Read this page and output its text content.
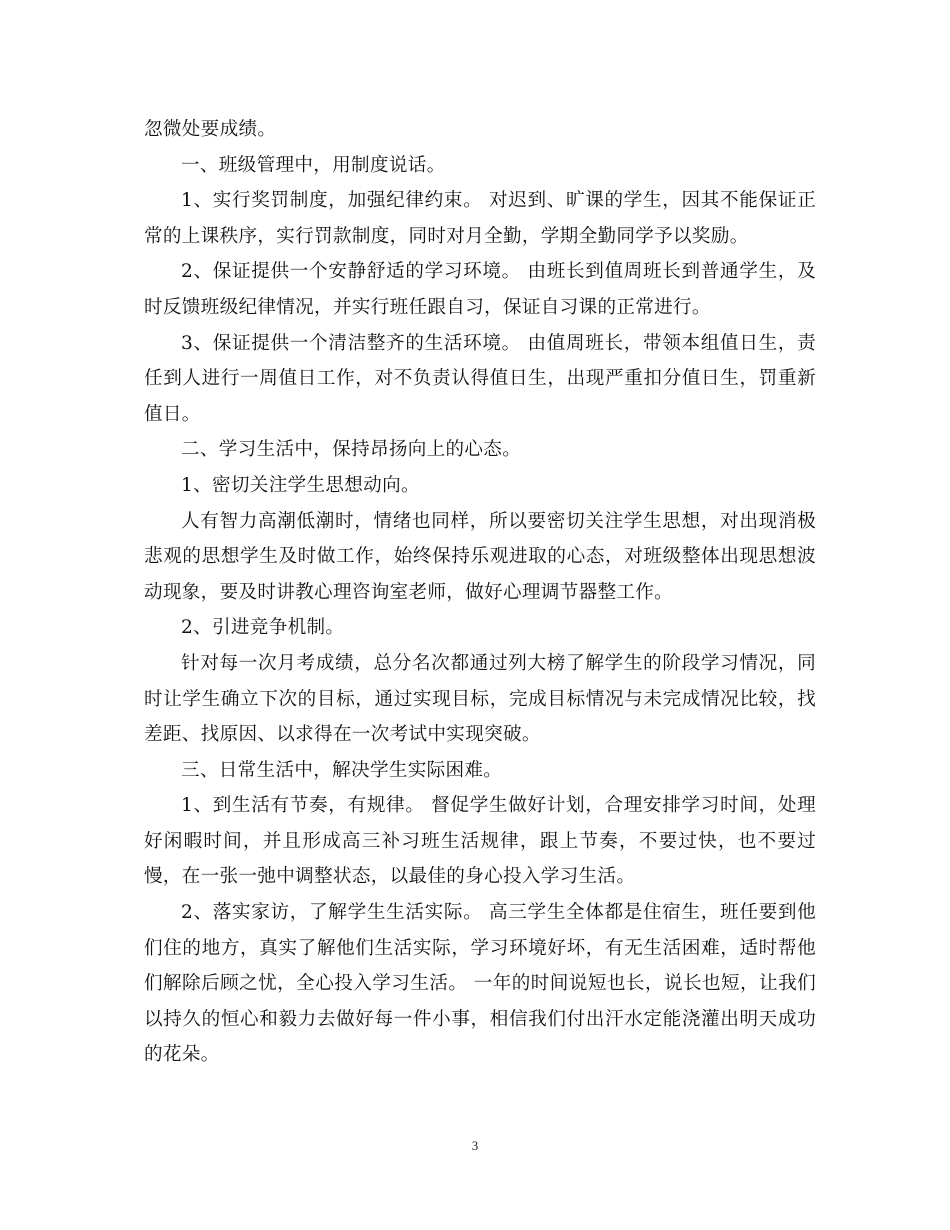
忽微处要成绩。

一、班级管理中，用制度说话。

1、实行奖罚制度，加强纪律约束。 对迟到、旷课的学生，因其不能保证正常的上课秩序，实行罚款制度，同时对月全勤，学期全勤同学予以奖励。

2、保证提供一个安静舒适的学习环境。 由班长到值周班长到普通学生，及时反馈班级纪律情况，并实行班任跟自习，保证自习课的正常进行。

3、保证提供一个清洁整齐的生活环境。 由值周班长，带领本组值日生，责任到人进行一周值日工作，对不负责认得值日生，出现严重扣分值日生，罚重新值日。

二、学习生活中，保持昂扬向上的心态。

1、密切关注学生思想动向。

人有智力高潮低潮时，情绪也同样，所以要密切关注学生思想，对出现消极悲观的思想学生及时做工作，始终保持乐观进取的心态，对班级整体出现思想波动现象，要及时讲教心理咨询室老师，做好心理调节器整工作。

2、引进竞争机制。

针对每一次月考成绩，总分名次都通过列大榜了解学生的阶段学习情况，同时让学生确立下次的目标，通过实现目标，完成目标情况与未完成情况比较，找差距、找原因、以求得在一次考试中实现突破。

三、日常生活中，解决学生实际困难。

1、到生活有节奏，有规律。 督促学生做好计划，合理安排学习时间，处理好闲暇时间，并且形成高三补习班生活规律，跟上节奏，不要过快，也不要过慢，在一张一弛中调整状态，以最佳的身心投入学习生活。

2、落实家访，了解学生生活实际。 高三学生全体都是住宿生，班任要到他们住的地方，真实了解他们生活实际，学习环境好坏，有无生活困难，适时帮他们解除后顾之忧，全心投入学习生活。 一年的时间说短也长，说长也短，让我们以持久的恒心和毅力去做好每一件小事，相信我们付出汗水定能浇灌出明天成功的花朵。

3
